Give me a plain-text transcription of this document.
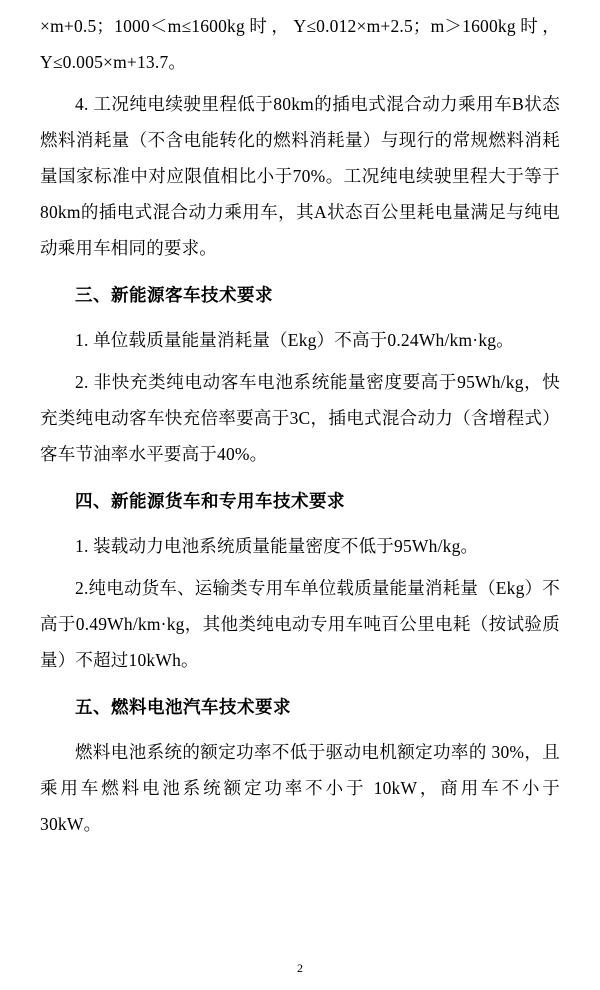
×m+0.5；1000＜m≤1600kg时，Y≤0.012×m+2.5；m＞1600kg时，Y≤0.005×m+13.7。

4. 工况纯电续驶里程低于80km的插电式混合动力乘用车B状态燃料消耗量（不含电能转化的燃料消耗量）与现行的常规燃料消耗量国家标准中对应限值相比小于70%。工况纯电续驶里程大于等于80km的插电式混合动力乘用车，其A状态百公里耗电量满足与纯电动乘用车相同的要求。

三、新能源客车技术要求

1. 单位载质量能量消耗量（Ekg）不高于0.24Wh/km·kg。

2. 非快充类纯电动客车电池系统能量密度要高于95Wh/kg，快充类纯电动客车快充倍率要高于3C，插电式混合动力（含增程式）客车节油率水平要高于40%。

四、新能源货车和专用车技术要求

1. 装载动力电池系统质量能量密度不低于95Wh/kg。

2.纯电动货车、运输类专用车单位载质量能量消耗量（Ekg）不高于0.49Wh/km·kg，其他类纯电动专用车吨百公里电耗（按试验质量）不超过10kWh。

五、燃料电池汽车技术要求

燃料电池系统的额定功率不低于驱动电机额定功率的 30%，且乘用车燃料电池系统额定功率不小于 10kW，商用车不小于 30kW。

2
